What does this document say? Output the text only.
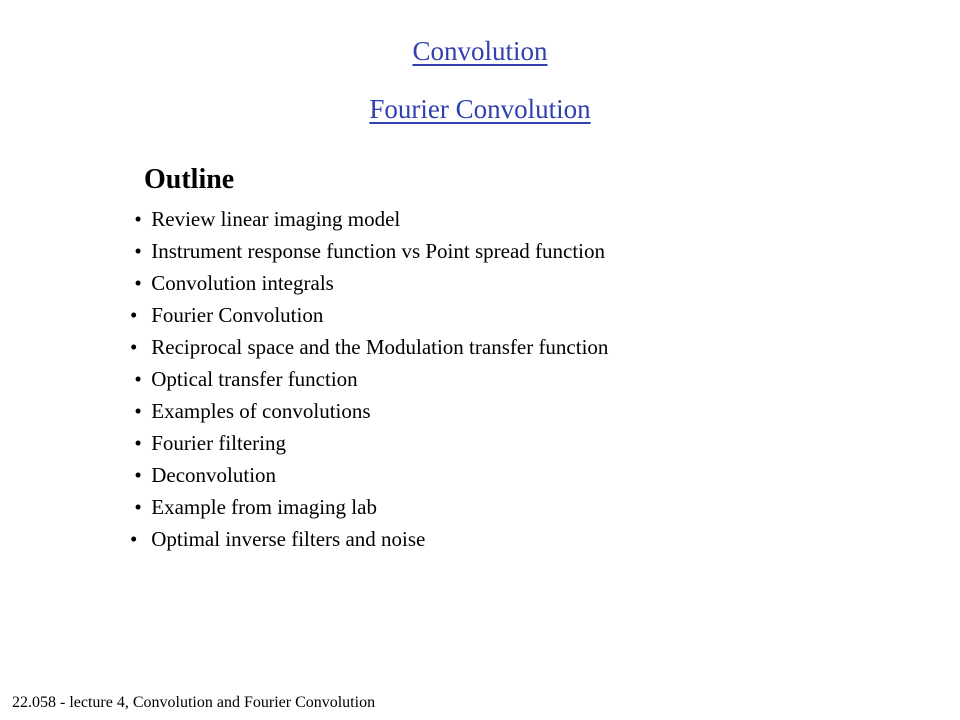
Convolution
Fourier Convolution
Outline
• Review linear imaging model
• Instrument response function vs Point spread function
• Convolution integrals
• Fourier Convolution
• Reciprocal space and the Modulation transfer function
• Optical transfer function
• Examples of convolutions
• Fourier filtering
• Deconvolution
• Example from imaging lab
• Optimal inverse filters and noise
22.058 - lecture 4, Convolution and Fourier Convolution
